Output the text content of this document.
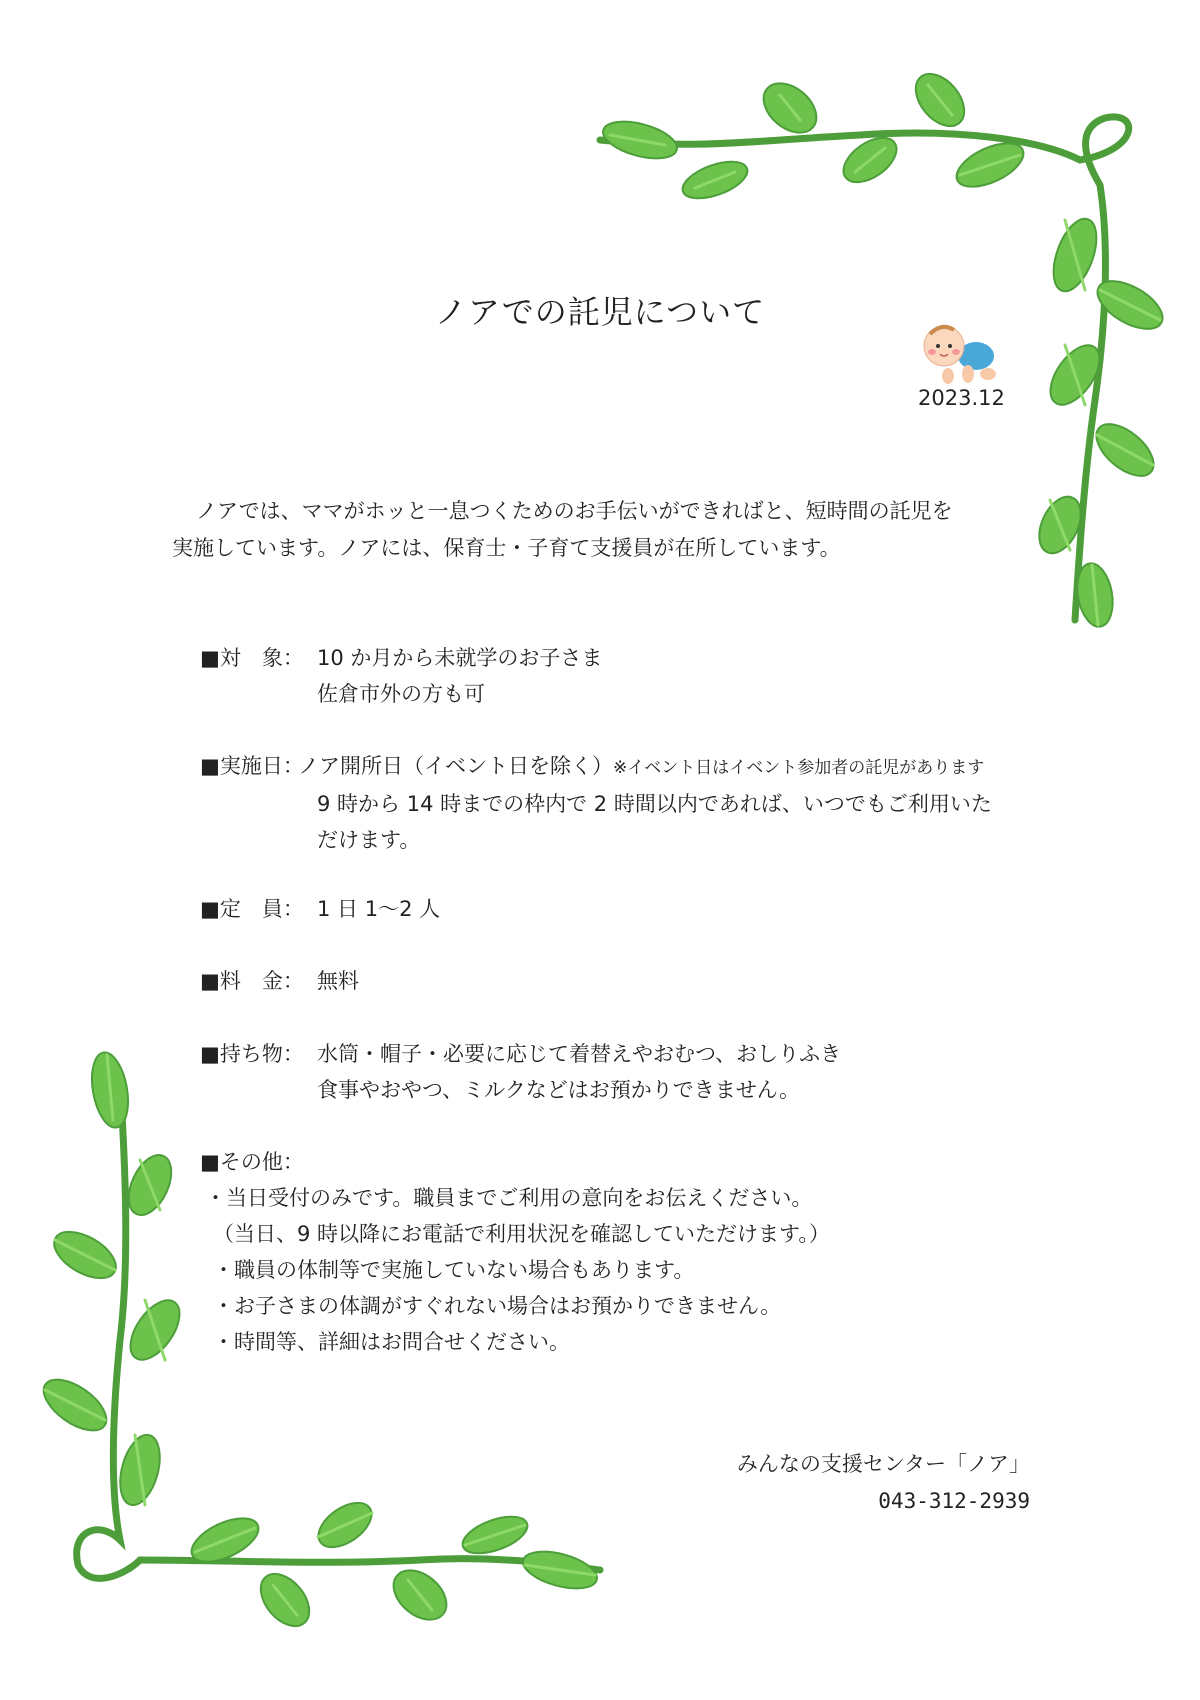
ノアでの託児について
2023.12
ノアでは、ママがホッと一息つくためのお手伝いができればと、短時間の託児を
実施しています。ノアには、保育士・子育て支援員が在所しています。
■対　象： 10 か月から未就学のお子さま
佐倉市外の方も可
■実施日：
ノア開所日（イベント日を除く）※イベント日はイベント参加者の託児があります
9 時から 14 時までの枠内で 2 時間以内であれば、いつでもご利用いた
だけます。
■定　員： 1 日 1～2 人
■料　金： 無料
■持ち物： 水筒・帽子・必要に応じて着替えやおむつ、おしりふき
食事やおやつ、ミルクなどはお預かりできません。
■その他：
・当日受付のみです。職員までご利用の意向をお伝えください。
（当日、9 時以降にお電話で利用状況を確認していただけます。）
・職員の体制等で実施していない場合もあります。
・お子さまの体調がすぐれない場合はお預かりできません。
・時間等、詳細はお問合せください。
みんなの支援センター「ノア」
043-312-2939
